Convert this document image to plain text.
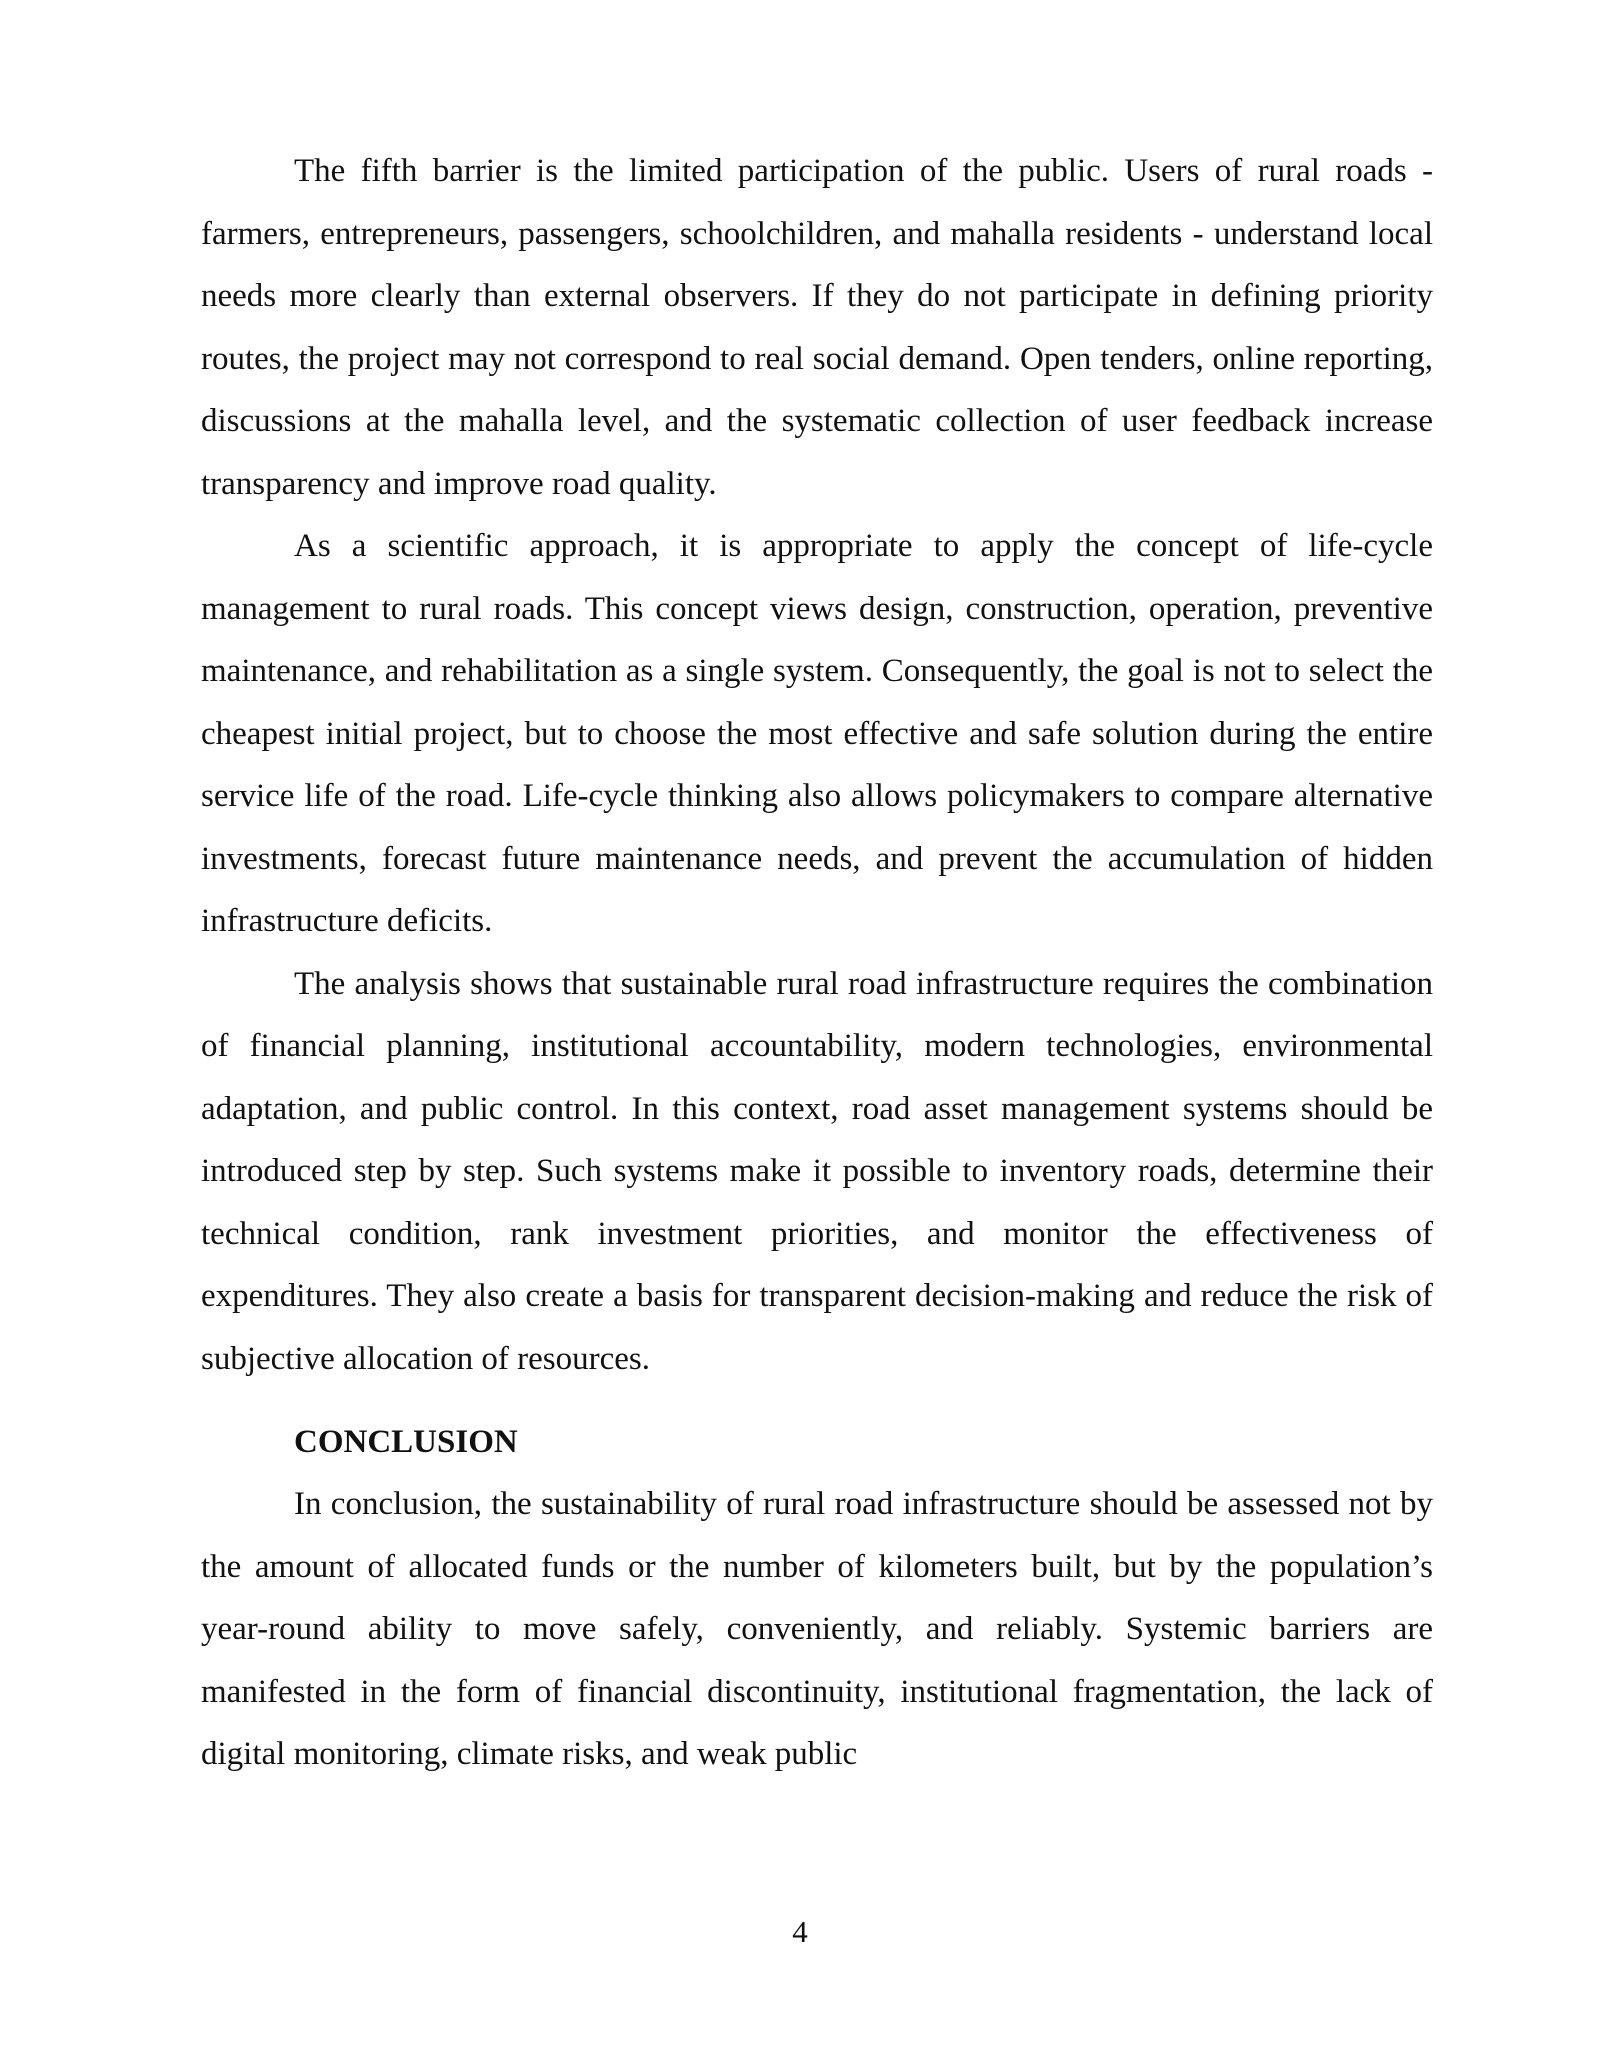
The fifth barrier is the limited participation of the public. Users of rural roads - farmers, entrepreneurs, passengers, schoolchildren, and mahalla residents - understand local needs more clearly than external observers. If they do not participate in defining priority routes, the project may not correspond to real social demand. Open tenders, online reporting, discussions at the mahalla level, and the systematic collection of user feedback increase transparency and improve road quality.

As a scientific approach, it is appropriate to apply the concept of life-cycle management to rural roads. This concept views design, construction, operation, preventive maintenance, and rehabilitation as a single system. Consequently, the goal is not to select the cheapest initial project, but to choose the most effective and safe solution during the entire service life of the road. Life-cycle thinking also allows policymakers to compare alternative investments, forecast future maintenance needs, and prevent the accumulation of hidden infrastructure deficits.

The analysis shows that sustainable rural road infrastructure requires the combination of financial planning, institutional accountability, modern technologies, environmental adaptation, and public control. In this context, road asset management systems should be introduced step by step. Such systems make it possible to inventory roads, determine their technical condition, rank investment priorities, and monitor the effectiveness of expenditures. They also create a basis for transparent decision-making and reduce the risk of subjective allocation of resources.

CONCLUSION

In conclusion, the sustainability of rural road infrastructure should be assessed not by the amount of allocated funds or the number of kilometers built, but by the population’s year-round ability to move safely, conveniently, and reliably. Systemic barriers are manifested in the form of financial discontinuity, institutional fragmentation, the lack of digital monitoring, climate risks, and weak public

4
